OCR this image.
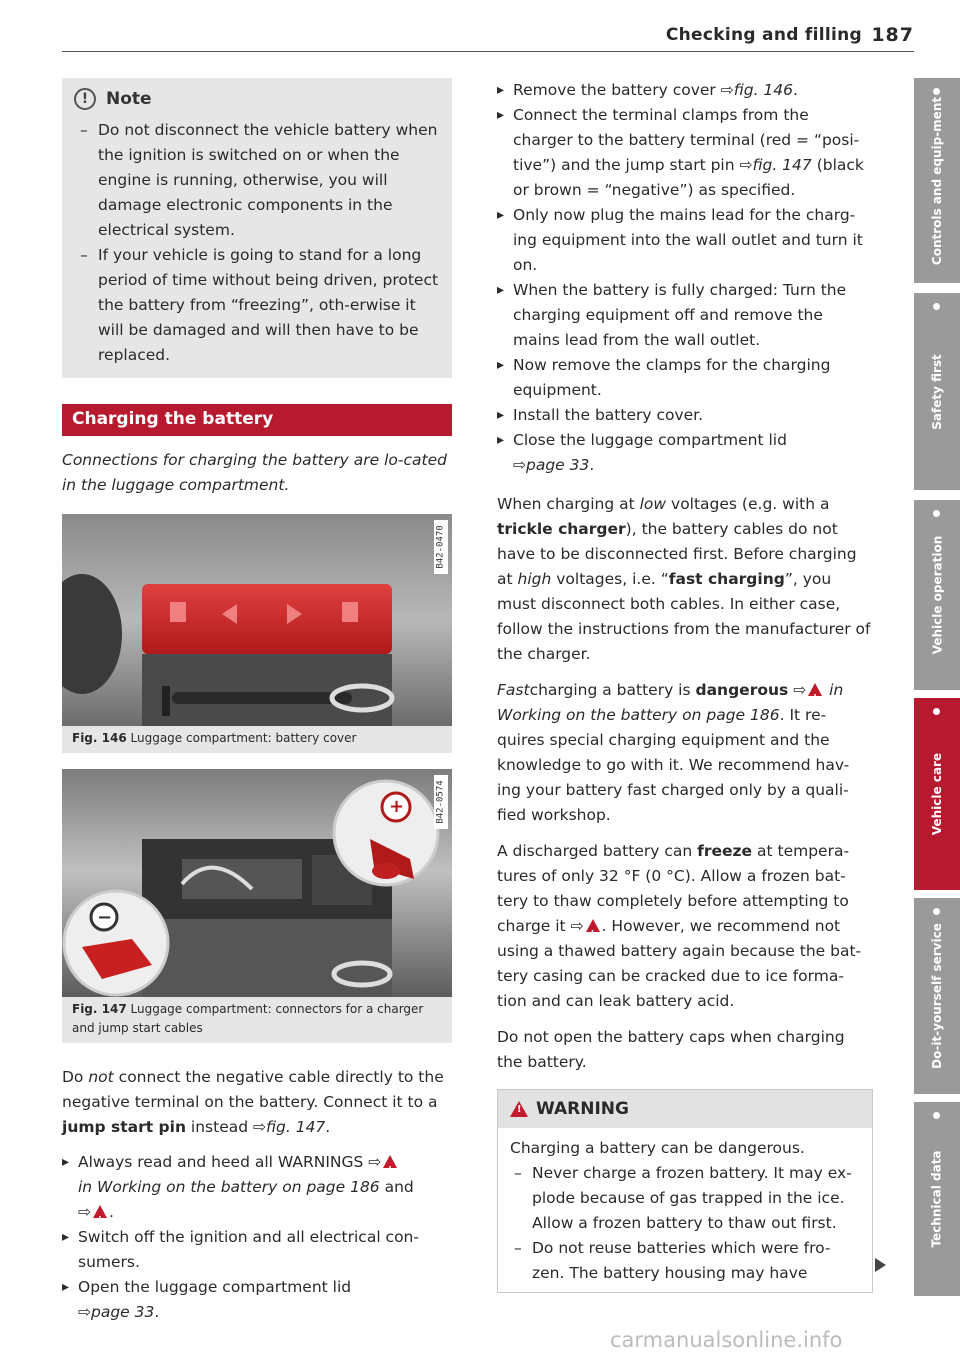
Checking and filling 187
!	Note
– Do not disconnect the vehicle battery when the ignition is switched on or when the engine is running, otherwise, you will damage electronic components in the electrical system.
– If your vehicle is going to stand for a long period of time without being driven, protect the battery from “freezing”, oth-erwise it will be damaged and will then have to be replaced.
Charging the battery
Connections for charging the battery are lo-cated in the luggage compartment.
B42-0470
Fig. 146 Luggage compartment: battery cover
+
−
B42-0574
Fig. 147 Luggage compartment: connectors for a charger and jump start cables
Do not connect the negative cable directly to the negative terminal on the battery. Connect it to a jump start pin instead ⇨fig. 147.
▸ Always read and heed all WARNINGS ⇨!
in Working on the battery on page 186 and
⇨ ! .
▸ Switch off the ignition and all electrical con-sumers.
▸ Open the luggage compartment lid
⇨page 33.
▸ Remove the battery cover ⇨fig. 146.
▸ Connect the terminal clamps from the charger to the battery terminal (red = “posi-tive”) and the jump start pin ⇨fig. 147 (black or brown = “negative”) as specified.
▸ Only now plug the mains lead for the charg-ing equipment into the wall outlet and turn it on.
▸ When the battery is fully charged: Turn the charging equipment off and remove the mains lead from the wall outlet.
▸ Now remove the clamps for the charging equipment.
▸ Install the battery cover.
▸ Close the luggage compartment lid
⇨page 33.
When charging at low voltages (e.g. with a trickle charger), the battery cables do not have to be disconnected first. Before charging at high voltages, i.e. “fast charging”, you must disconnect both cables. In either case, follow the instructions from the manufacturer of the charger.
Fastcharging a battery is dangerous ⇨ ! in Working on the battery on page 186. It re-quires special charging equipment and the knowledge to go with it. We recommend hav-ing your battery fast charged only by a quali-fied workshop.
A discharged battery can freeze at tempera-tures of only 32 °F (0 °C). Allow a frozen bat-tery to thaw completely before attempting to charge it ⇨ ! . However, we recommend not using a thawed battery again because the bat-tery casing can be cracked due to ice forma-tion and can leak battery acid.
Do not open the battery caps when charging the battery.
!
WARNING
Charging a battery can be dangerous.
– Never charge a frozen battery. It may ex-plode because of gas trapped in the ice. Allow a frozen battery to thaw out first.
– Do not reuse batteries which were fro-zen. The battery housing may have
Controls and equip-ment
Safety first
Vehicle operation
Vehicle care
Do-it-yourself service
Technical data
carmanualsonline.info
